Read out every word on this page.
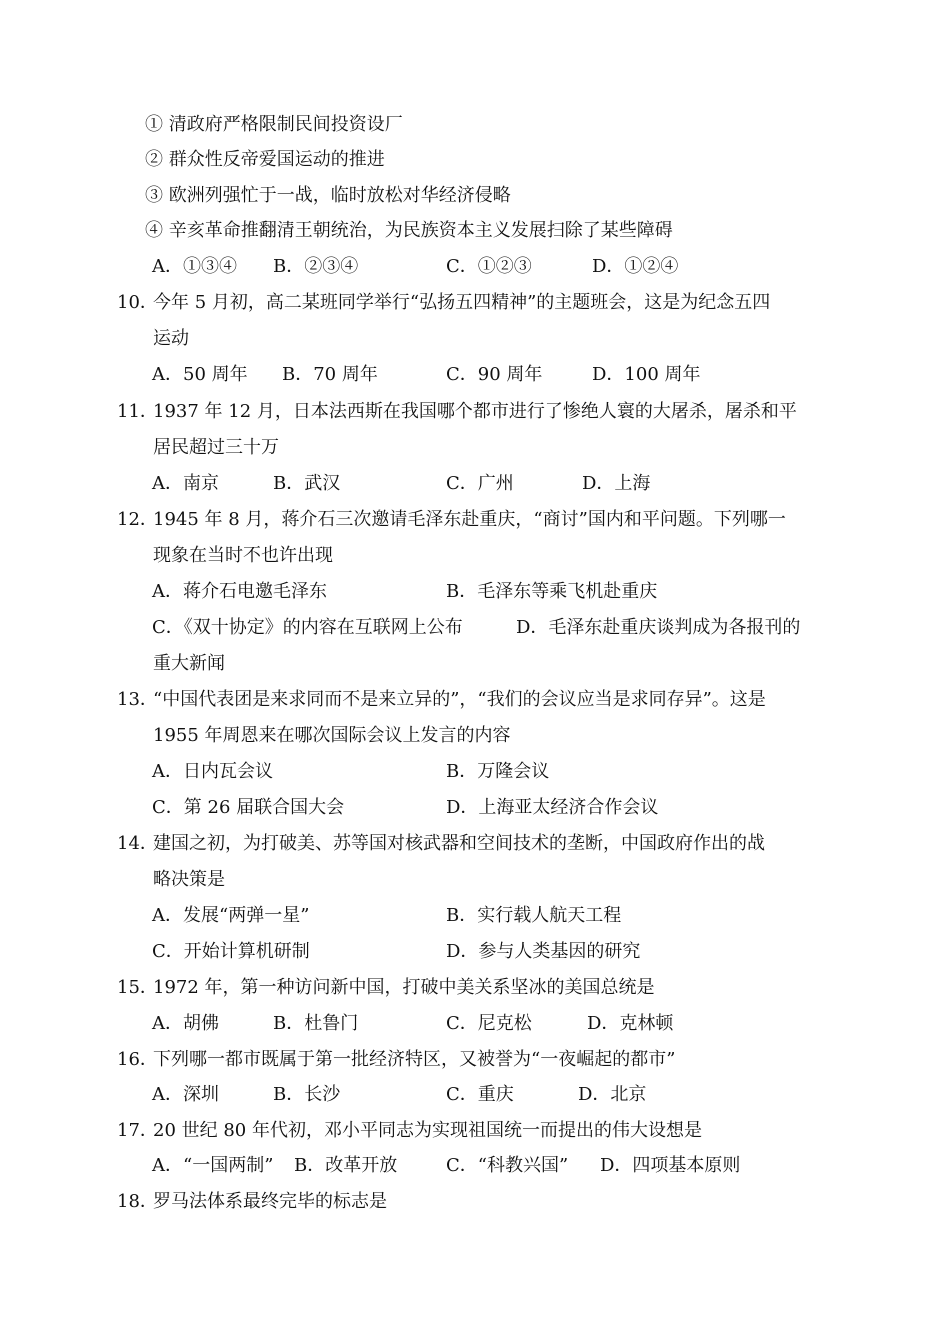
① 清政府严格限制民间投资设厂
② 群众性反帝爱国运动的推进
③ 欧洲列强忙于一战，临时放松对华经济侵略
④ 辛亥革命推翻清王朝统治，为民族资本主义发展扫除了某些障碍
A．①③④ B．②③④	C．①②③	D．①②④
10．
今年 5 月初，高二某班同学举行“弘扬五四精神”的主题班会，这是为纪念五四
运动
A．50 周年 B．70 周年	C．90 周年	D．100 周年
11．
1937 年 12 月，日本法西斯在我国哪个都市进行了惨绝人寰的大屠杀，屠杀和平
居民超过三十万
A．南京	B．武汉	C．广州	D．上海
12．
1945 年 8 月，蒋介石三次邀请毛泽东赴重庆，“商讨”国内和平问题。下列哪一
现象在当时不也许出现
A．蒋介石电邀毛泽东	B．毛泽东等乘飞机赴重庆
C．《双十协定》的内容在互联网上公布	D．毛泽东赴重庆谈判成为各报刊的
重大新闻
13．
“中国代表团是来求同而不是来立异的”，“我们的会议应当是求同存异”。这是
1955 年周恩来在哪次国际会议上发言的内容
A．日内瓦会议	B．万隆会议
C．第 26 届联合国大会	D．上海亚太经济合作会议
14．
建国之初，为打破美、苏等国对核武器和空间技术的垄断，中国政府作出的战
略决策是
A．发展“两弹一星”	B．实行载人航天工程
C．开始计算机研制	D．参与人类基因的研究
15．
1972 年，第一种访问新中国，打破中美关系坚冰的美国总统是
A．胡佛	B．杜鲁门	C．尼克松	D．克林顿
16．
下列哪一都市既属于第一批经济特区，又被誉为“一夜崛起的都市”
A．深圳	B．长沙	C．重庆	D．北京
17．
20 世纪 80 年代初，邓小平同志为实现祖国统一而提出的伟大设想是
A．“一国两制” B．改革开放	C．“科教兴国” D．四项基本原则
18．
罗马法体系最终完毕的标志是
